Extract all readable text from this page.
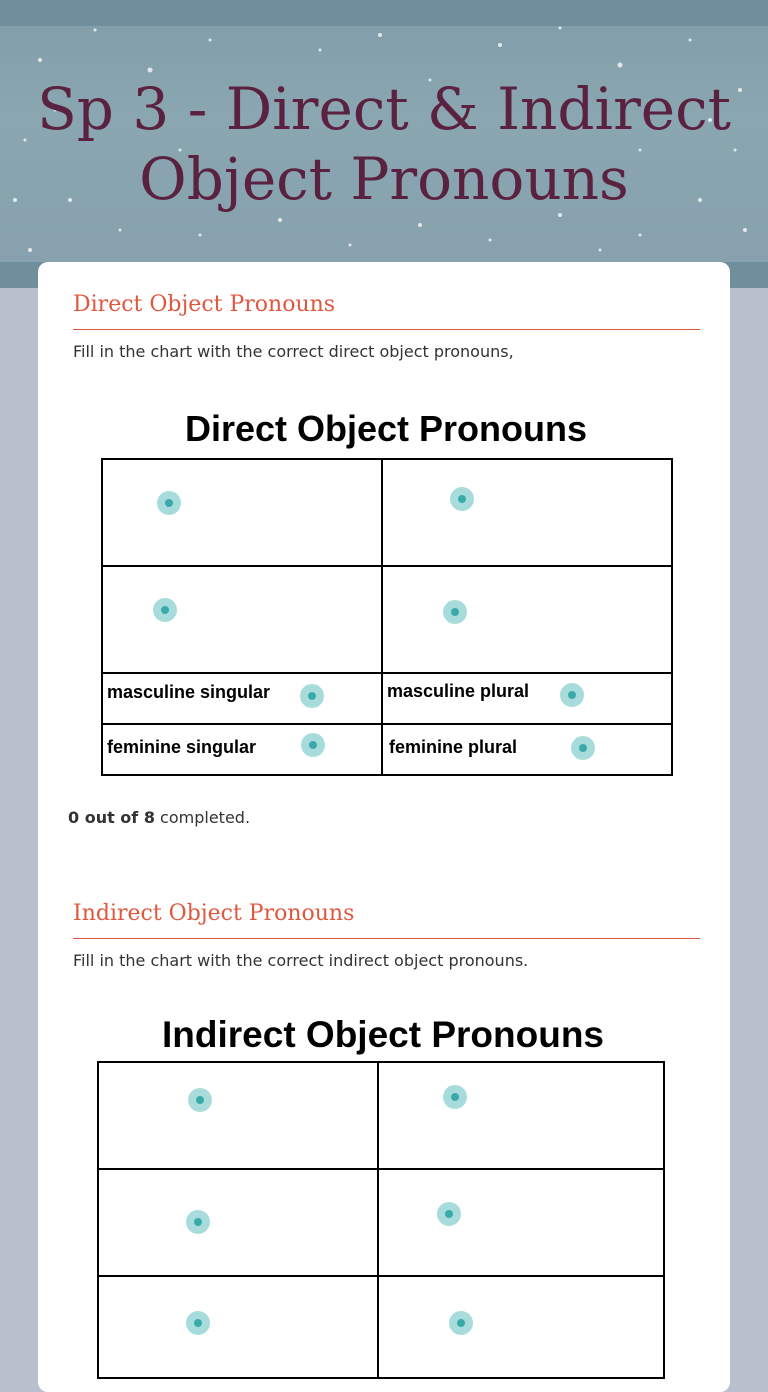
Sp 3 - Direct & Indirect
Object Pronouns
Direct Object Pronouns
Fill in the chart with the correct direct object pronouns,
Direct Object Pronouns

masculine singular	masculine plural

feminine singular	feminine plural
0 out of 8 completed.
Indirect Object Pronouns
Fill in the chart with the correct indirect object pronouns.
Indirect Object Pronouns
